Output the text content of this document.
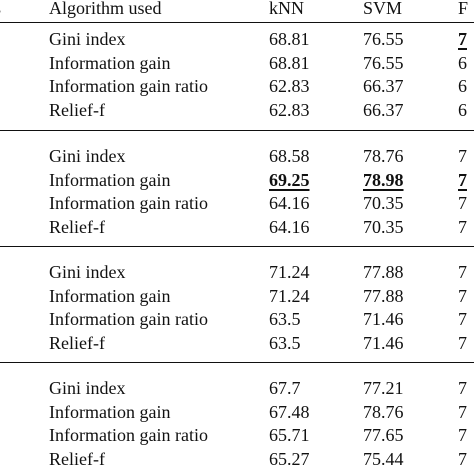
Algorithm used	kNN	SVM	F
Gini index	68.81	76.55	7
Information gain	68.81	76.55	6
Information gain ratio	62.83	66.37	6
Relief-f	62.83	66.37	6
Gini index	68.58	78.76	7
Information gain	69.25	78.98	7
Information gain ratio	64.16	70.35	7
Relief-f	64.16	70.35	7
Gini index	71.24	77.88	7
Information gain	71.24	77.88	7
Information gain ratio	63.5	71.46	7
Relief-f	63.5	71.46	7
Gini index	67.7	77.21	7
Information gain	67.48	78.76	7
Information gain ratio	65.71	77.65	7
Relief-f	65.27	75.44	7
